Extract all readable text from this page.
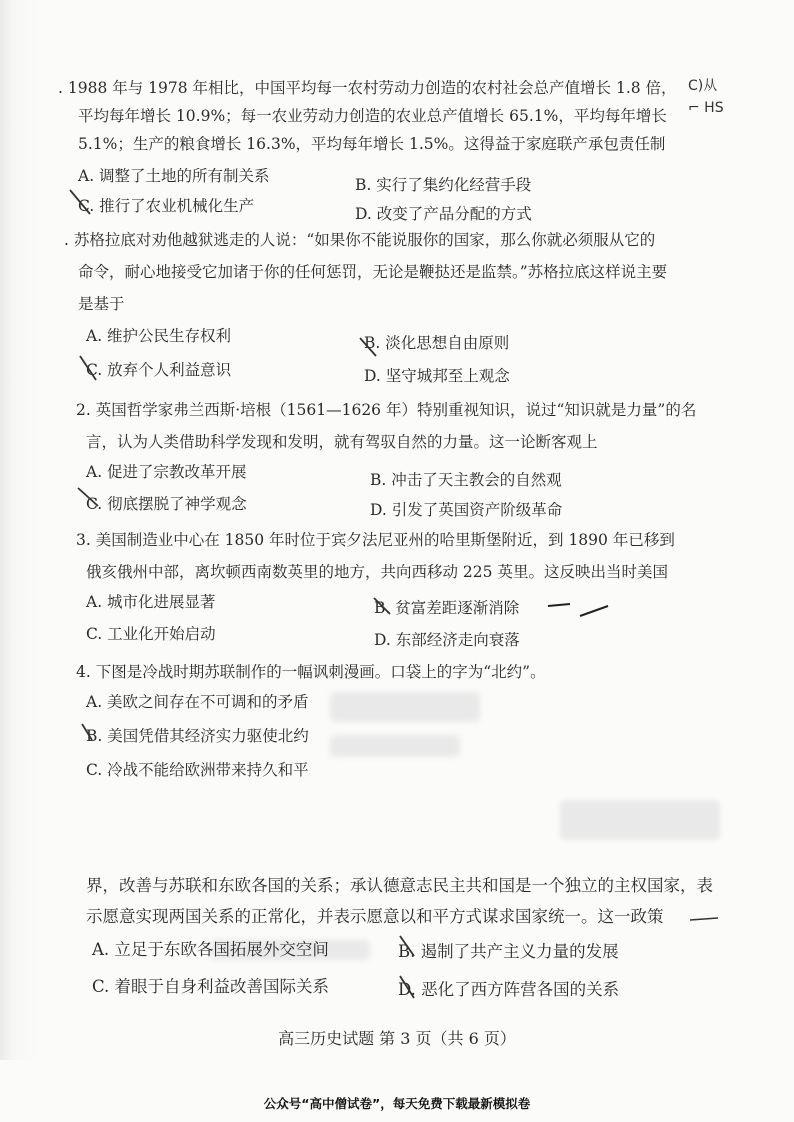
C)从
⌐ HS
. 1988 年与 1978 年相比，中国平均每一农村劳动力创造的农村社会总产值增长 1.8 倍，
平均每年增长 10.9%；每一农业劳动力创造的农业总产值增长 65.1%，平均每年增长
5.1%；生产的粮食增长 16.3%，平均每年增长 1.5%。这得益于家庭联产承包责任制
A. 调整了土地的所有制关系	B. 实行了集约化经营手段
C. 推行了农业机械化生产	D. 改变了产品分配的方式
. 苏格拉底对劝他越狱逃走的人说：“如果你不能说服你的国家，那么你就必须服从它的
命令，耐心地接受它加诸于你的任何惩罚，无论是鞭挞还是监禁。”苏格拉底这样说主要
是基于
A. 维护公民生存权利	B. 淡化思想自由原则
C. 放弃个人利益意识	D. 坚守城邦至上观念
2. 英国哲学家弗兰西斯·培根（1561—1626 年）特别重视知识，说过“知识就是力量”的名
言，认为人类借助科学发现和发明，就有驾驭自然的力量。这一论断客观上
A. 促进了宗教改革开展	B. 冲击了天主教会的自然观
C. 彻底摆脱了神学观念	D. 引发了英国资产阶级革命
3. 美国制造业中心在 1850 年时位于宾夕法尼亚州的哈里斯堡附近，到 1890 年已移到
俄亥俄州中部，离坎顿西南数英里的地方，共向西移动 225 英里。这反映出当时美国
A. 城市化进展显著	B. 贫富差距逐渐消除
C. 工业化开始启动	D. 东部经济走向衰落
4. 下图是冷战时期苏联制作的一幅讽刺漫画。口袋上的字为“北约”。
A. 美欧之间存在不可调和的矛盾
B. 美国凭借其经济实力驱使北约
C. 冷战不能给欧洲带来持久和平
界，改善与苏联和东欧各国的关系；承认德意志民主共和国是一个独立的主权国家，表
示愿意实现两国关系的正常化，并表示愿意以和平方式谋求国家统一。这一政策
A. 立足于东欧各国拓展外交空间	B. 遏制了共产主义力量的发展
C. 着眼于自身利益改善国际关系	D. 恶化了西方阵营各国的关系
高三历史试题 第 3 页（共 6 页）
公众号“高中僧试卷”，每天免费下载最新模拟卷
